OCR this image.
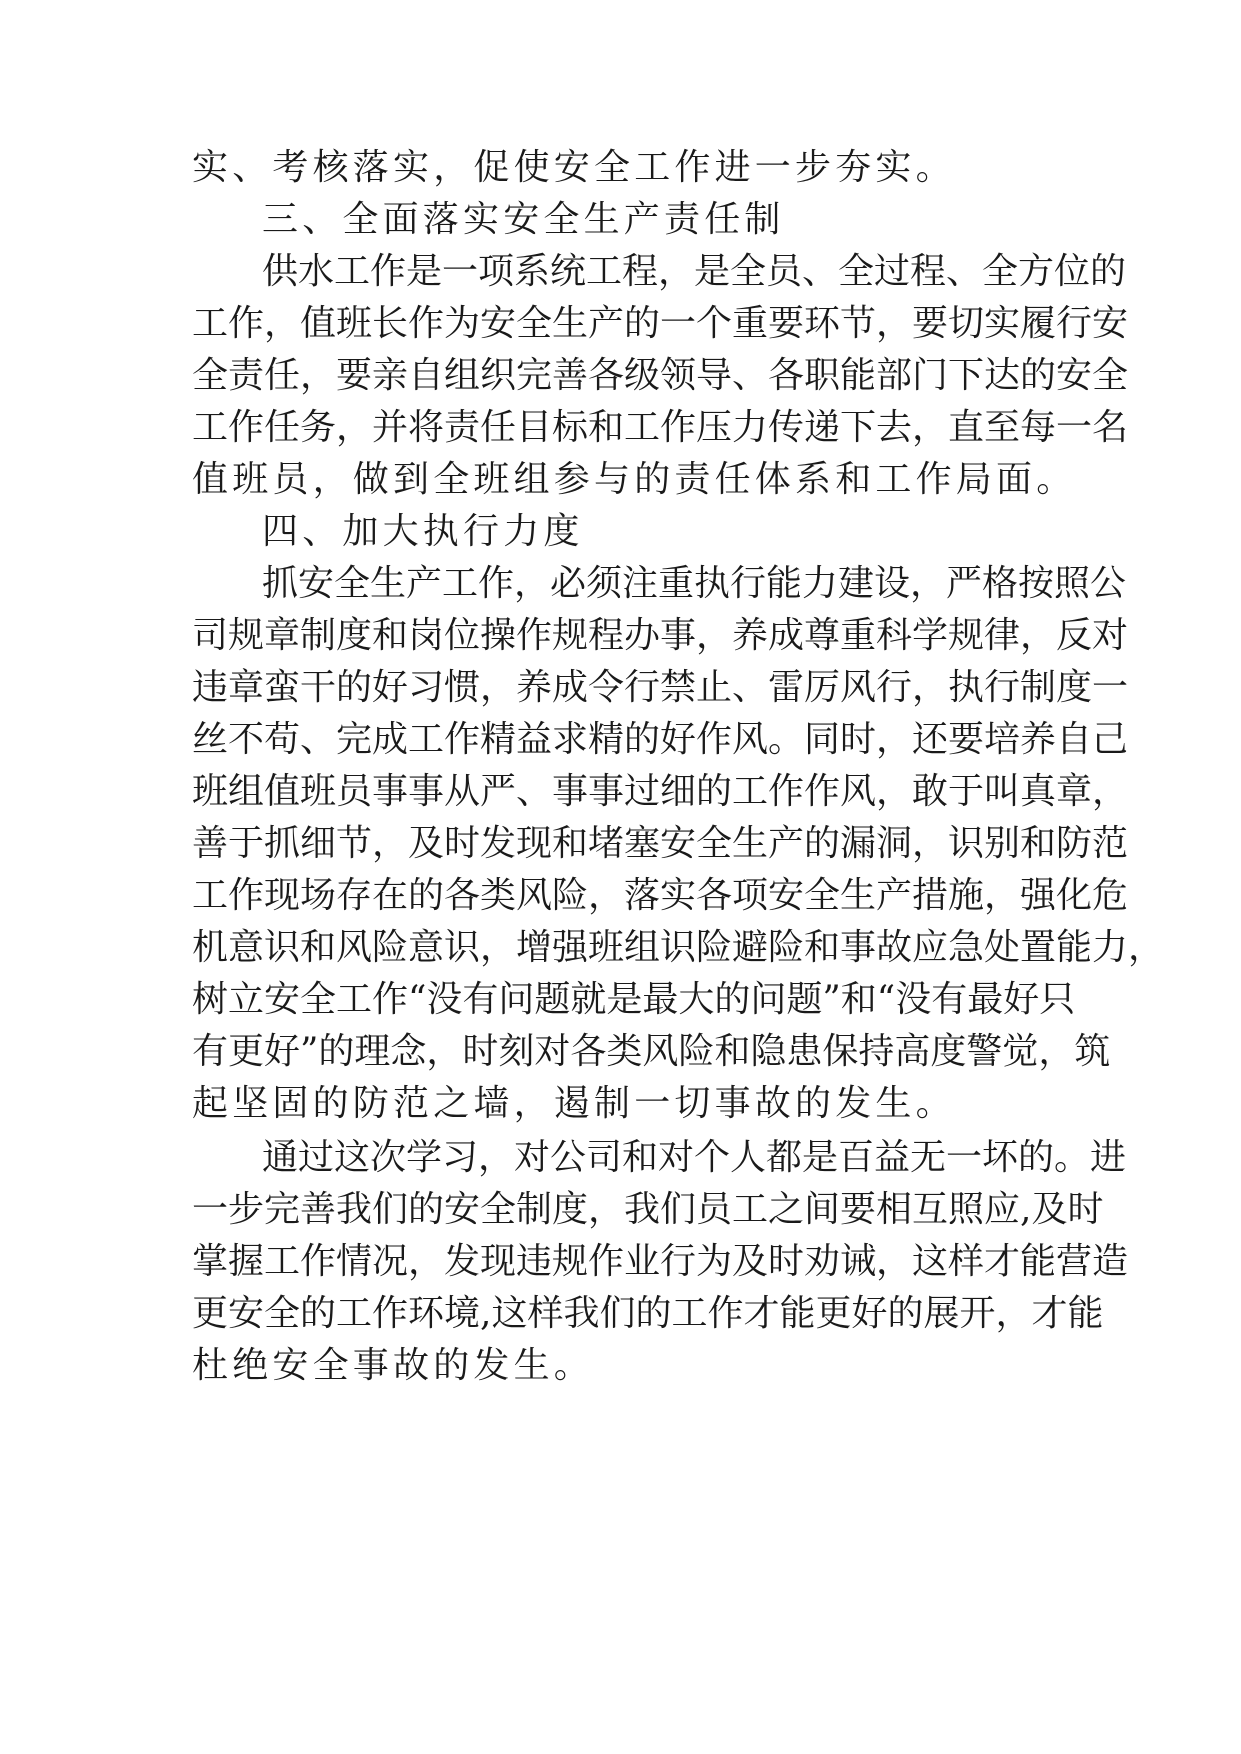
实、考核落实，促使安全工作进一步夯实。
三、全面落实安全生产责任制
供水工作是一项系统工程，是全员、全过程、全方位的
工作，值班长作为安全生产的一个重要环节，要切实履行安
全责任，要亲自组织完善各级领导、各职能部门下达的安全
工作任务，并将责任目标和工作压力传递下去，直至每一名
值班员，做到全班组参与的责任体系和工作局面。
四、加大执行力度
抓安全生产工作，必须注重执行能力建设，严格按照公
司规章制度和岗位操作规程办事，养成尊重科学规律，反对
违章蛮干的好习惯，养成令行禁止、雷厉风行，执行制度一
丝不苟、完成工作精益求精的好作风。同时，还要培养自己
班组值班员事事从严、事事过细的工作作风，敢于叫真章，
善于抓细节，及时发现和堵塞安全生产的漏洞，识别和防范
工作现场存在的各类风险，落实各项安全生产措施，强化危
机意识和风险意识，增强班组识险避险和事故应急处置能力，
树立安全工作“没有问题就是最大的问题”和“没有最好只
有更好”的理念，时刻对各类风险和隐患保持高度警觉，筑
起坚固的防范之墙，遏制一切事故的发生。
通过这次学习，对公司和对个人都是百益无一坏的。进
一步完善我们的安全制度，我们员工之间要相互照应,及时
掌握工作情况，发现违规作业行为及时劝诫，这样才能营造
更安全的工作环境,这样我们的工作才能更好的展开，才能
杜绝安全事故的发生。
